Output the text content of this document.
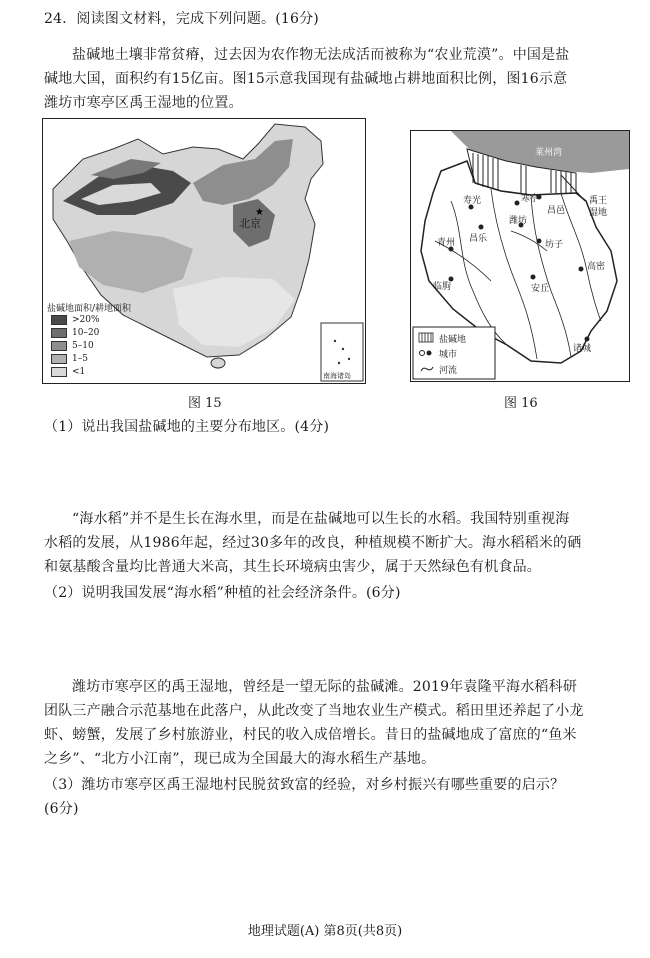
24．阅读图文材料，完成下列问题。(16分)
盐碱地土壤非常贫瘠，过去因为农作物无法成活而被称为“农业荒漠”。中国是盐
碱地大国，面积约有15亿亩。图15示意我国现有盐碱地占耕地面积比例，图16示意
潍坊市寒亭区禹王湿地的位置。
★
北京
盐碱地面积/耕地面积
>20%
10–20
5–10
1–5
<1	南海诸岛
图 15
莱州湾
禹王
湿地
寿光	寒亭
昌邑
昌乐
潍坊
青州	坊子
临朐	安丘
高密
诸城
盐碱地
城市
河流
图 16
（1）说出我国盐碱地的主要分布地区。(4分)
“海水稻”并不是生长在海水里，而是在盐碱地可以生长的水稻。我国特别重视海
水稻的发展，从1986年起，经过30多年的改良，种植规模不断扩大。海水稻稻米的硒
和氨基酸含量均比普通大米高，其生长环境病虫害少，属于天然绿色有机食品。
（2）说明我国发展“海水稻”种植的社会经济条件。(6分)
潍坊市寒亭区的禹王湿地，曾经是一望无际的盐碱滩。2019年袁隆平海水稻科研
团队三产融合示范基地在此落户，从此改变了当地农业生产模式。稻田里还养起了小龙
虾、螃蟹，发展了乡村旅游业，村民的收入成倍增长。昔日的盐碱地成了富庶的“鱼米
之乡”、“北方小江南”，现已成为全国最大的海水稻生产基地。
（3）潍坊市寒亭区禹王湿地村民脱贫致富的经验，对乡村振兴有哪些重要的启示？
(6分)
地理试题(A) 第8页(共8页)
